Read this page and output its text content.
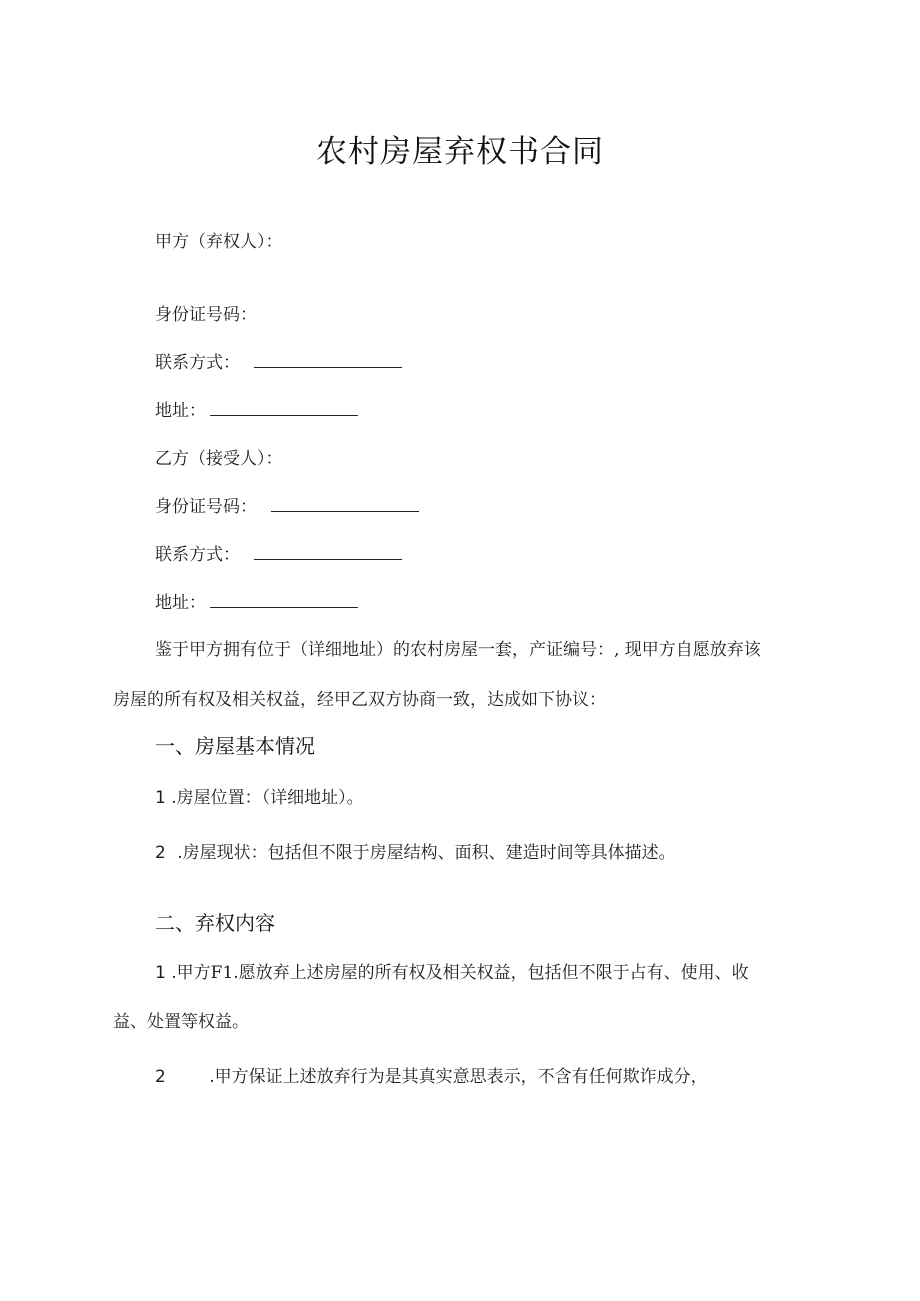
农村房屋弃权书合同
甲方（弃权人）：
身份证号码：
联系方式：
地址：
乙方（接受人）：
身份证号码：
联系方式：
地址：
鉴于甲方拥有位于（详细地址）的农村房屋一套，产证编号：, 现甲方自愿放弃该
房屋的所有权及相关权益，经甲乙双方协商一致，达成如下协议：
一、房屋基本情况
1 .房屋位置：（详细地址）。
2 .房屋现状：包括但不限于房屋结构、面积、建造时间等具体描述。
二、弃权内容
1 .甲方F1.愿放弃上述房屋的所有权及相关权益，包括但不限于占有、使用、收
益、处置等权益。
2	.甲方保证上述放弃行为是其真实意思表示，不含有任何欺诈成分，
